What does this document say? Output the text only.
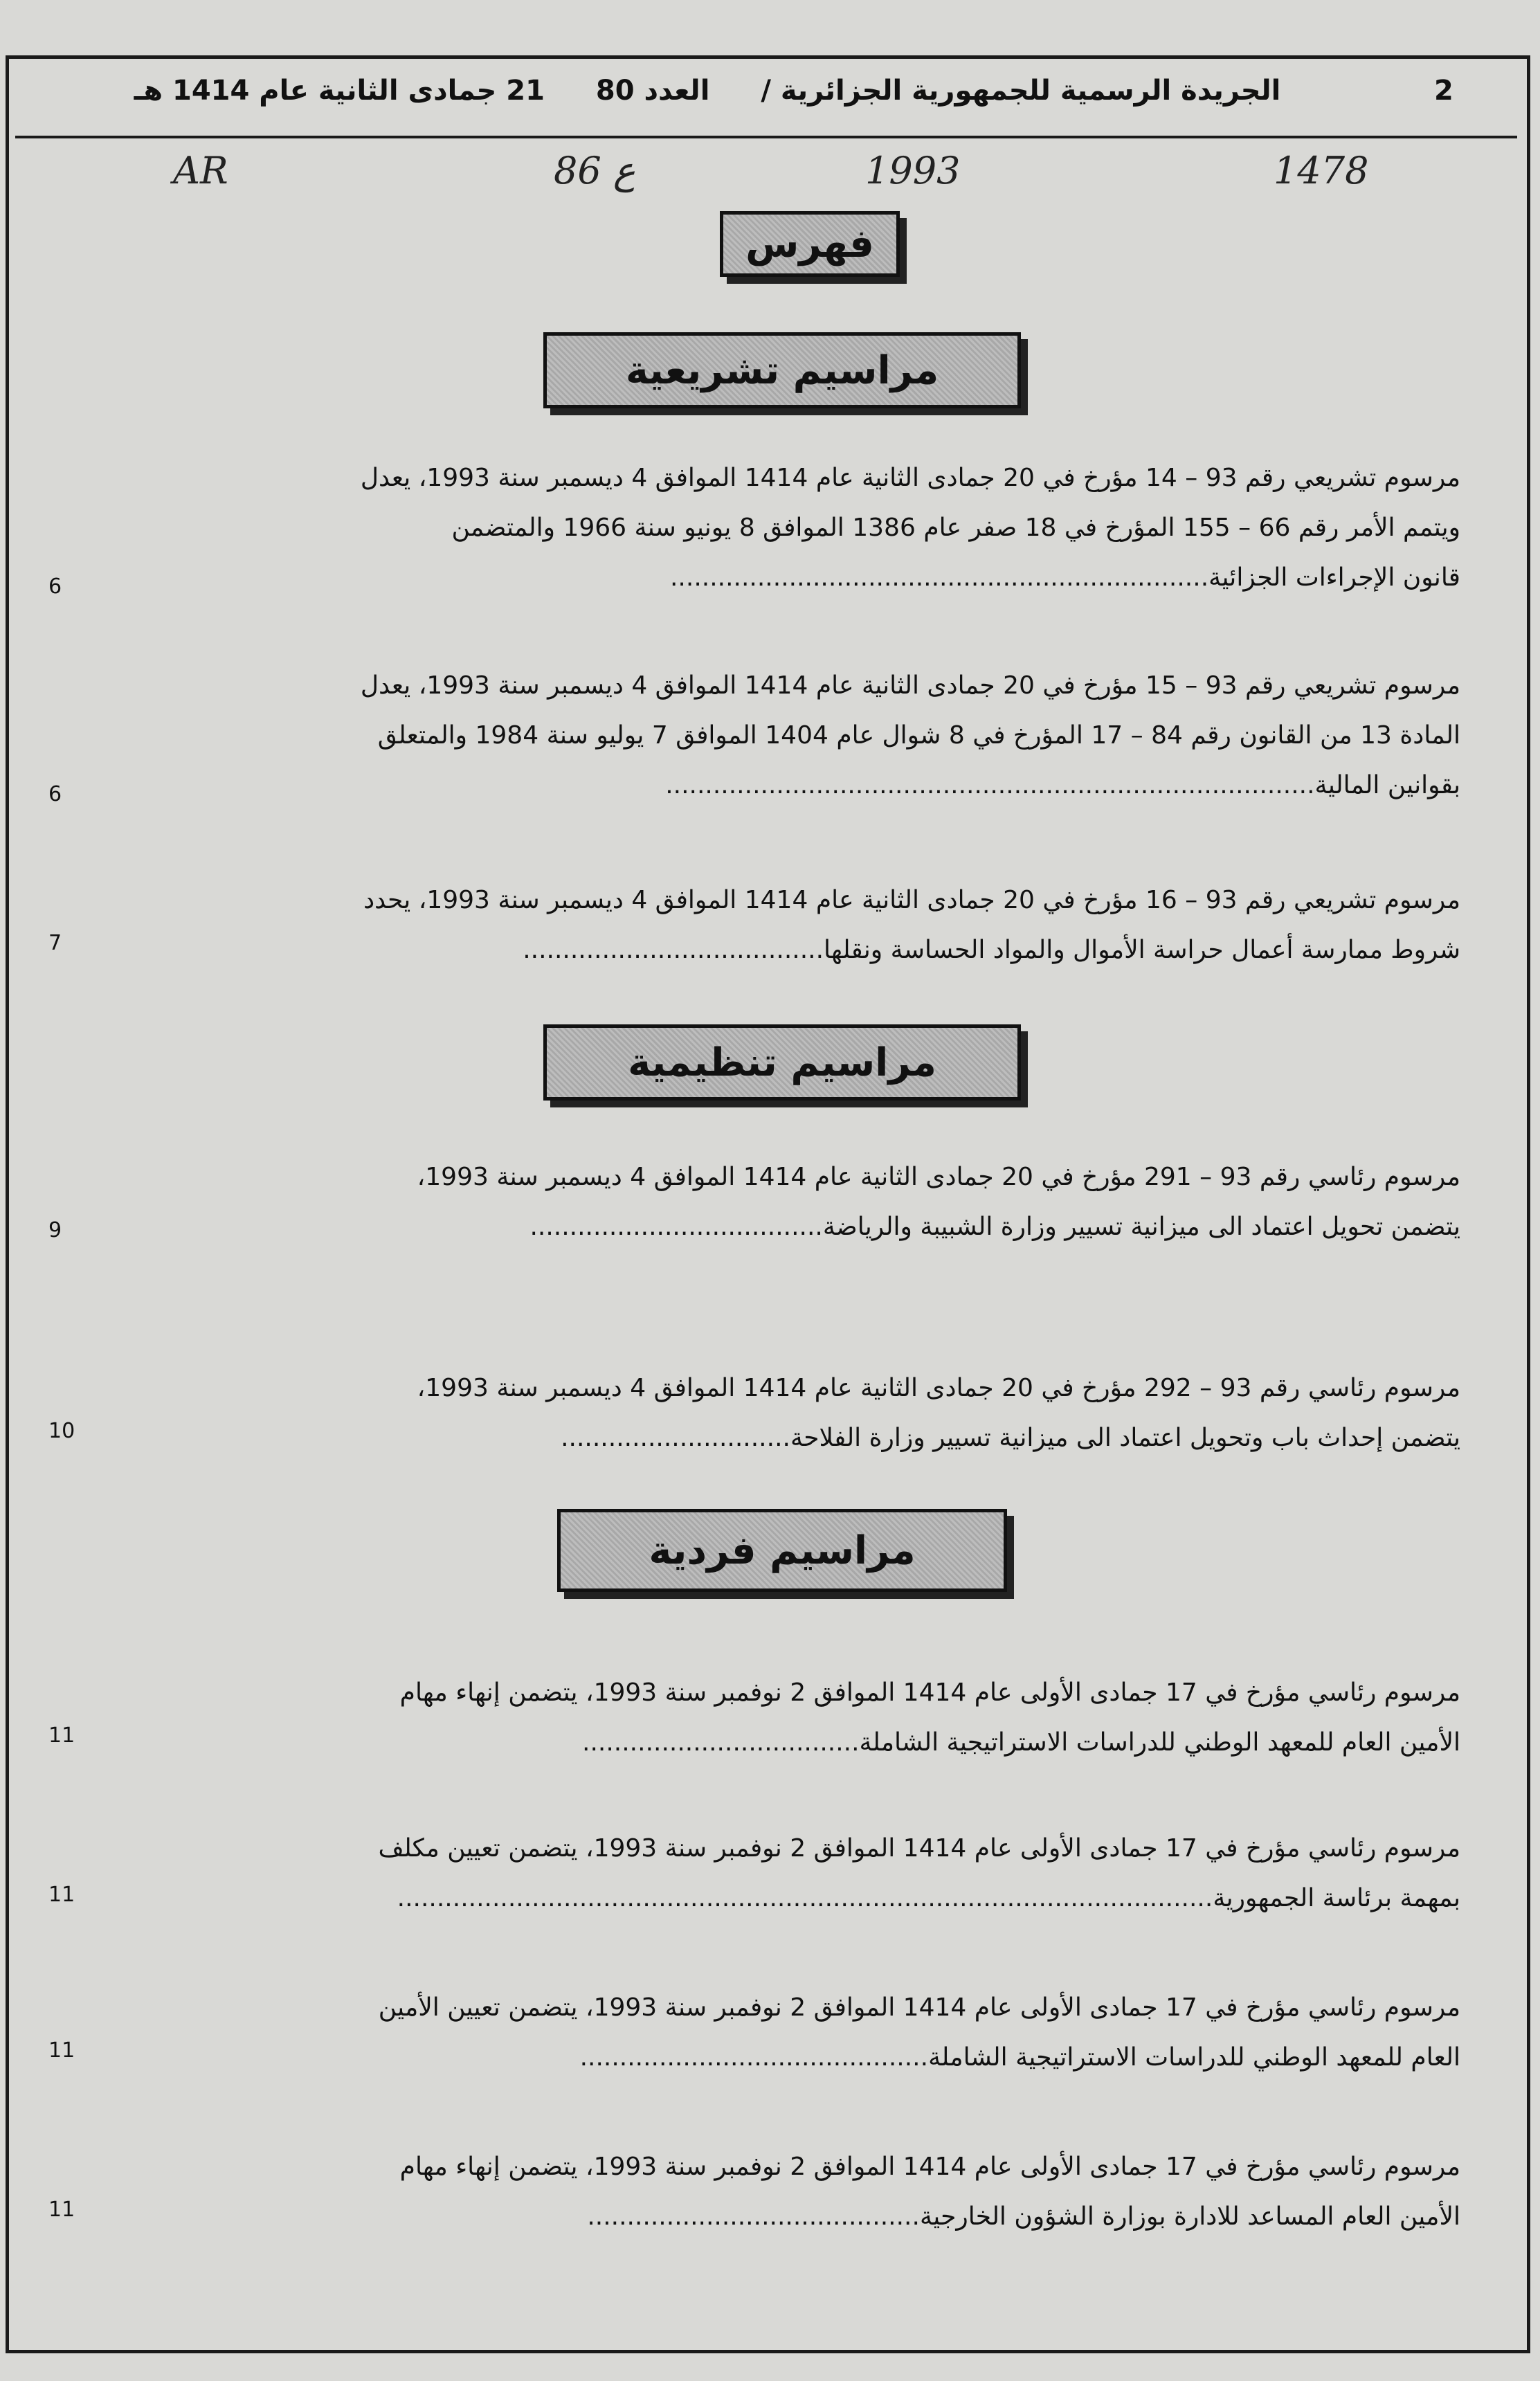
الجريدة الرسمية للجمهورية الجزائرية / العدد 80 21 جمادى الثانية عام 1414 هـ	2
AR	86 ع	1993	1478
فهرس
مراسيم تشريعية
مرسوم تشريعي رقم 93 – 14 مؤرخ في 20 جمادى الثانية عام 1414 الموافق 4 ديسمبر سنة 1993، يعدل
ويتمم الأمر رقم 66 – 155 المؤرخ في 18 صفر عام 1386 الموافق 8 يونيو سنة 1966 والمتضمن
قانون الإجراءات الجزائية....................................................................
6
مرسوم تشريعي رقم 93 – 15 مؤرخ في 20 جمادى الثانية عام 1414 الموافق 4 ديسمبر سنة 1993، يعدل
المادة 13 من القانون رقم 84 – 17 المؤرخ في 8 شوال عام 1404 الموافق 7 يوليو سنة 1984 والمتعلق
بقوانين المالية..................................................................................
6
مرسوم تشريعي رقم 93 – 16 مؤرخ في 20 جمادى الثانية عام 1414 الموافق 4 ديسمبر سنة 1993، يحدد
شروط ممارسة أعمال حراسة الأموال والمواد الحساسة ونقلها......................................
7
مراسيم تنظيمية
مرسوم رئاسي رقم 93 – 291 مؤرخ في 20 جمادى الثانية عام 1414 الموافق 4 ديسمبر سنة 1993،
يتضمن تحويل اعتماد الى ميزانية تسيير وزارة الشبيبة والرياضة.....................................
9
مرسوم رئاسي رقم 93 – 292 مؤرخ في 20 جمادى الثانية عام 1414 الموافق 4 ديسمبر سنة 1993،
يتضمن إحداث باب وتحويل اعتماد الى ميزانية تسيير وزارة الفلاحة.............................
10
مراسيم فردية
مرسوم رئاسي مؤرخ في 17 جمادى الأولى عام 1414 الموافق 2 نوفمبر سنة 1993، يتضمن إنهاء مهام
الأمين العام للمعهد الوطني للدراسات الاستراتيجية الشاملة...................................
11
مرسوم رئاسي مؤرخ في 17 جمادى الأولى عام 1414 الموافق 2 نوفمبر سنة 1993، يتضمن تعيين مكلف
بمهمة برئاسة الجمهورية.......................................................................................................
11
مرسوم رئاسي مؤرخ في 17 جمادى الأولى عام 1414 الموافق 2 نوفمبر سنة 1993، يتضمن تعيين الأمين
العام للمعهد الوطني للدراسات الاستراتيجية الشاملة............................................
11
مرسوم رئاسي مؤرخ في 17 جمادى الأولى عام 1414 الموافق 2 نوفمبر سنة 1993، يتضمن إنهاء مهام
الأمين العام المساعد للادارة بوزارة الشؤون الخارجية..........................................
11
